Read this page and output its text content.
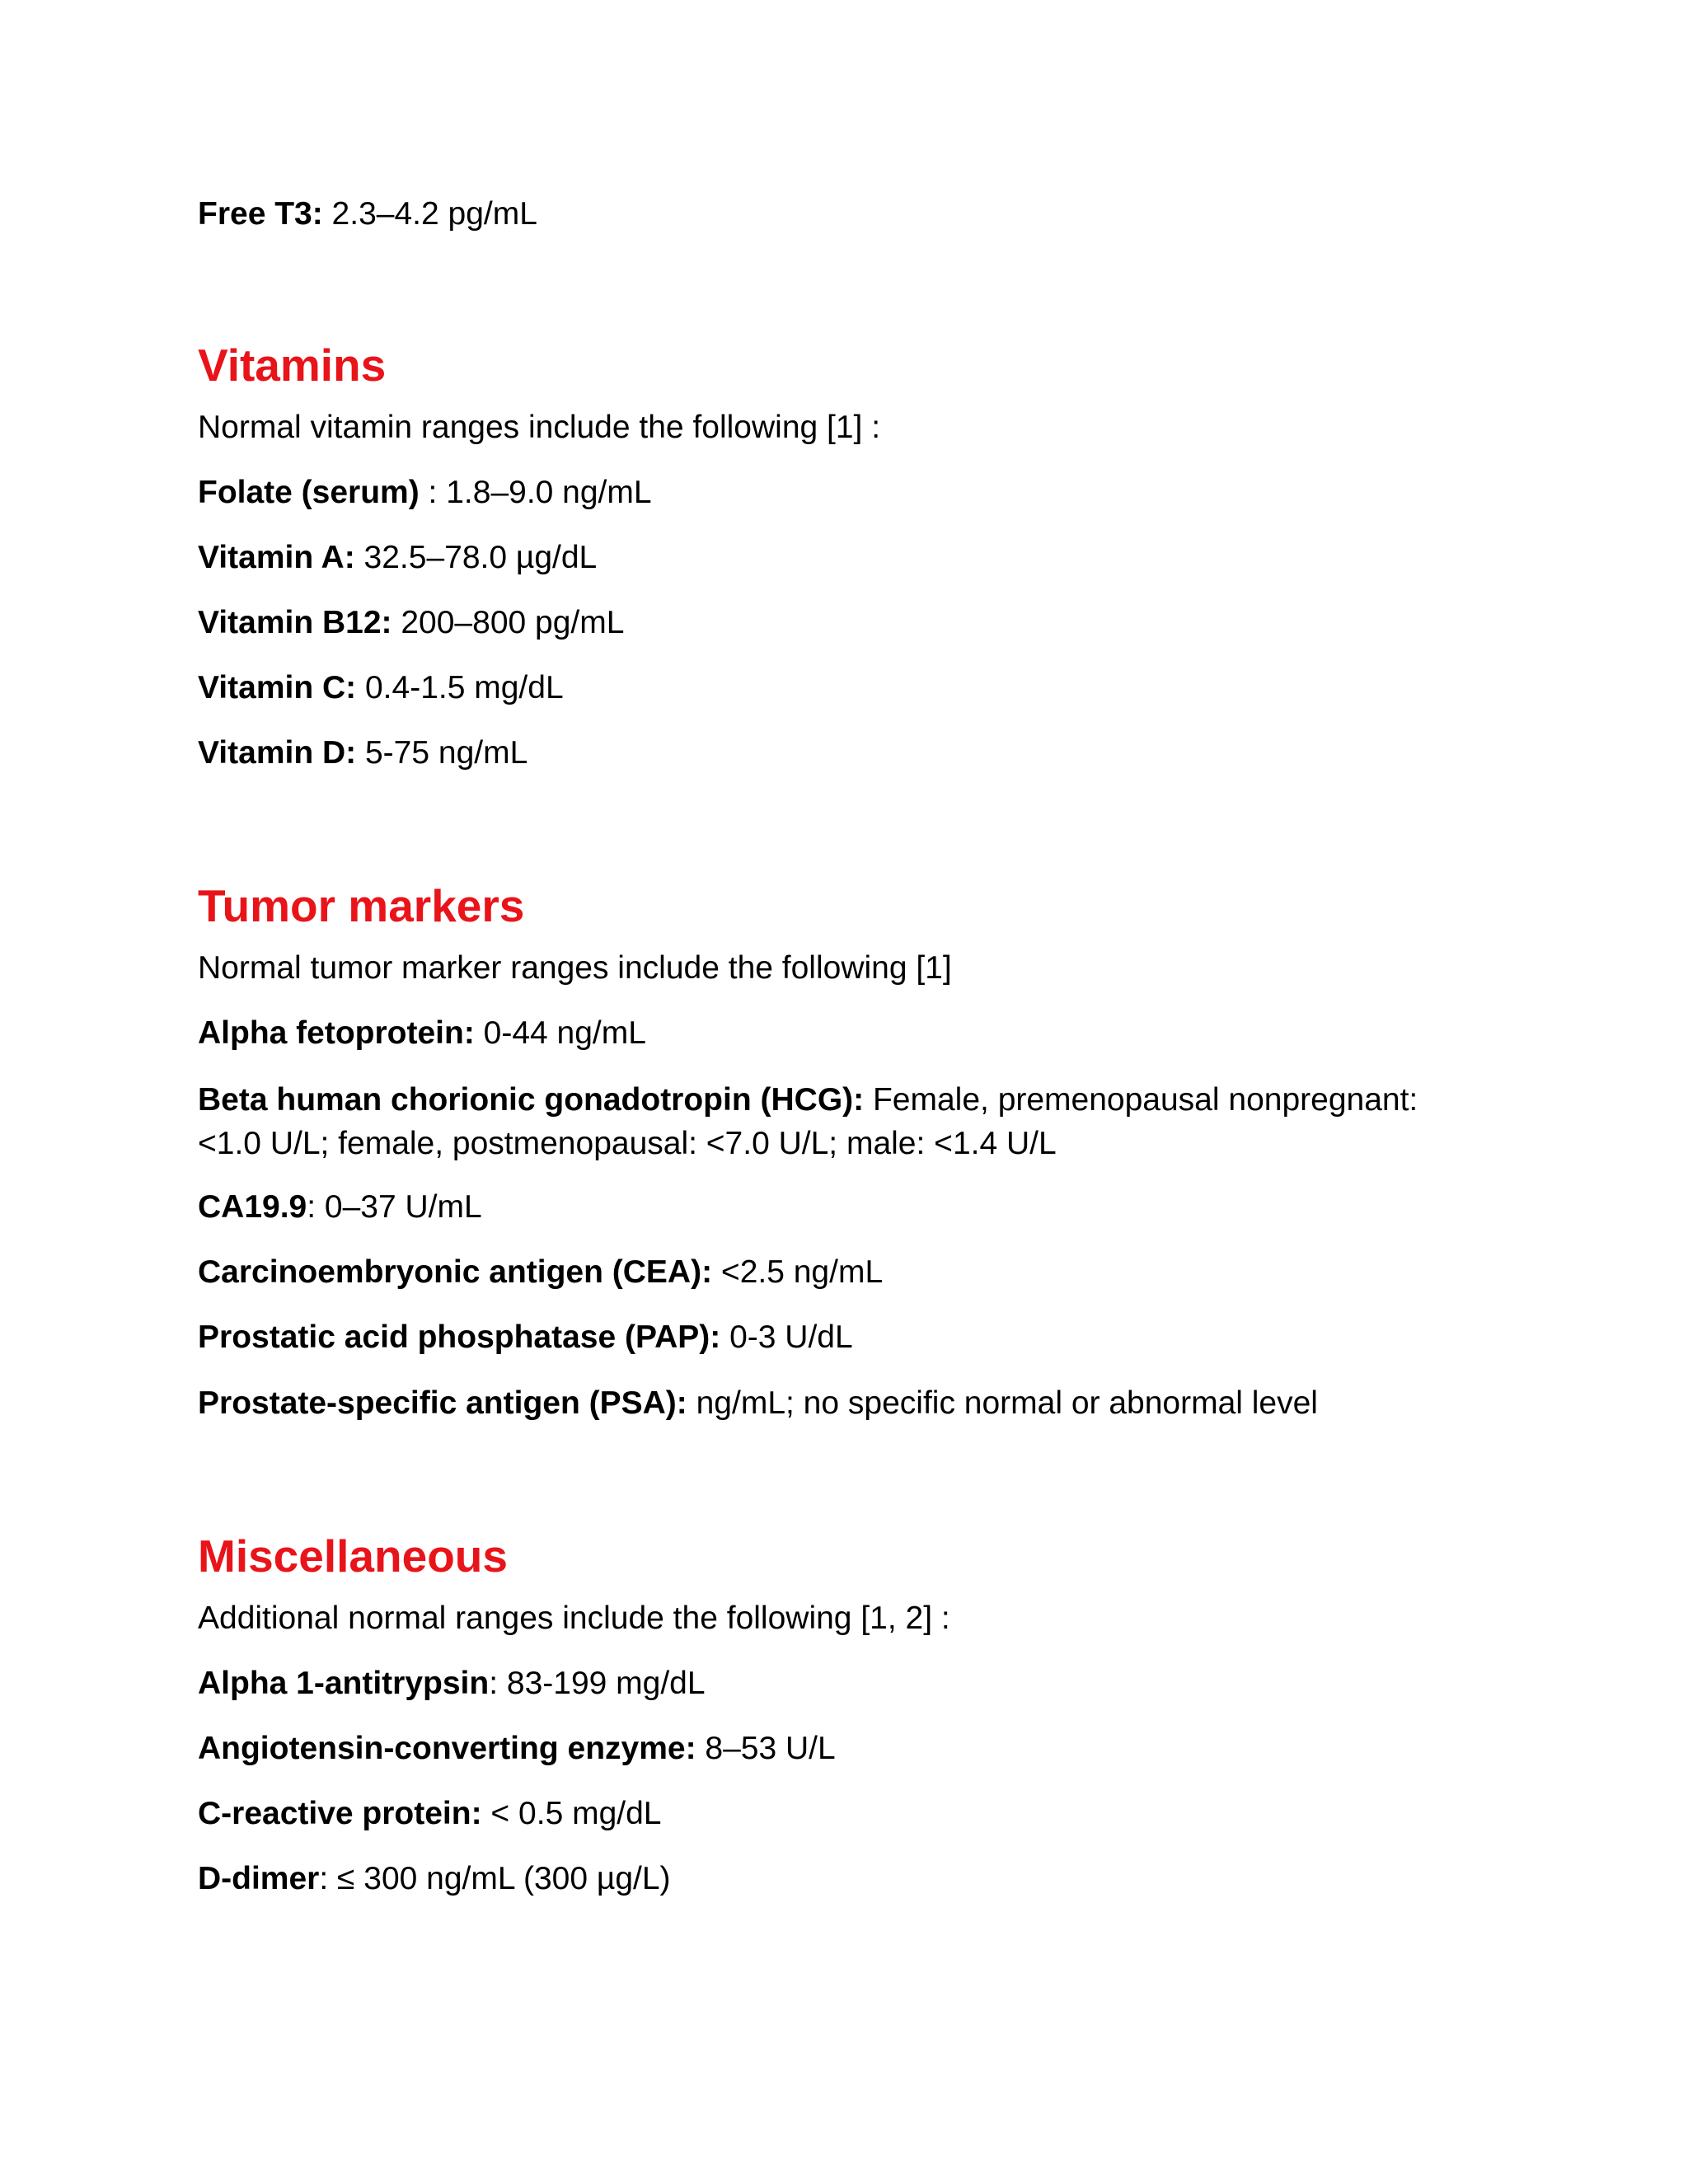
Free T3: 2.3–4.2 pg/mL
Vitamins
Normal vitamin ranges include the following [1] :
Folate (serum) : 1.8–9.0 ng/mL
Vitamin A: 32.5–78.0 µg/dL
Vitamin B12: 200–800 pg/mL
Vitamin C: 0.4-1.5 mg/dL
Vitamin D: 5-75 ng/mL
Tumor markers
Normal tumor marker ranges include the following [1]
Alpha fetoprotein: 0-44 ng/mL
Beta human chorionic gonadotropin (HCG): Female, premenopausal nonpregnant: <1.0 U/L; female, postmenopausal: <7.0 U/L; male: <1.4 U/L
CA19.9: 0–37 U/mL
Carcinoembryonic antigen (CEA): <2.5 ng/mL
Prostatic acid phosphatase (PAP): 0-3 U/dL
Prostate-specific antigen (PSA): ng/mL; no specific normal or abnormal level
Miscellaneous
Additional normal ranges include the following [1, 2] :
Alpha 1-antitrypsin: 83-199 mg/dL
Angiotensin-converting enzyme: 8–53 U/L
C-reactive protein: < 0.5 mg/dL
D-dimer: ≤ 300 ng/mL (300 µg/L)
